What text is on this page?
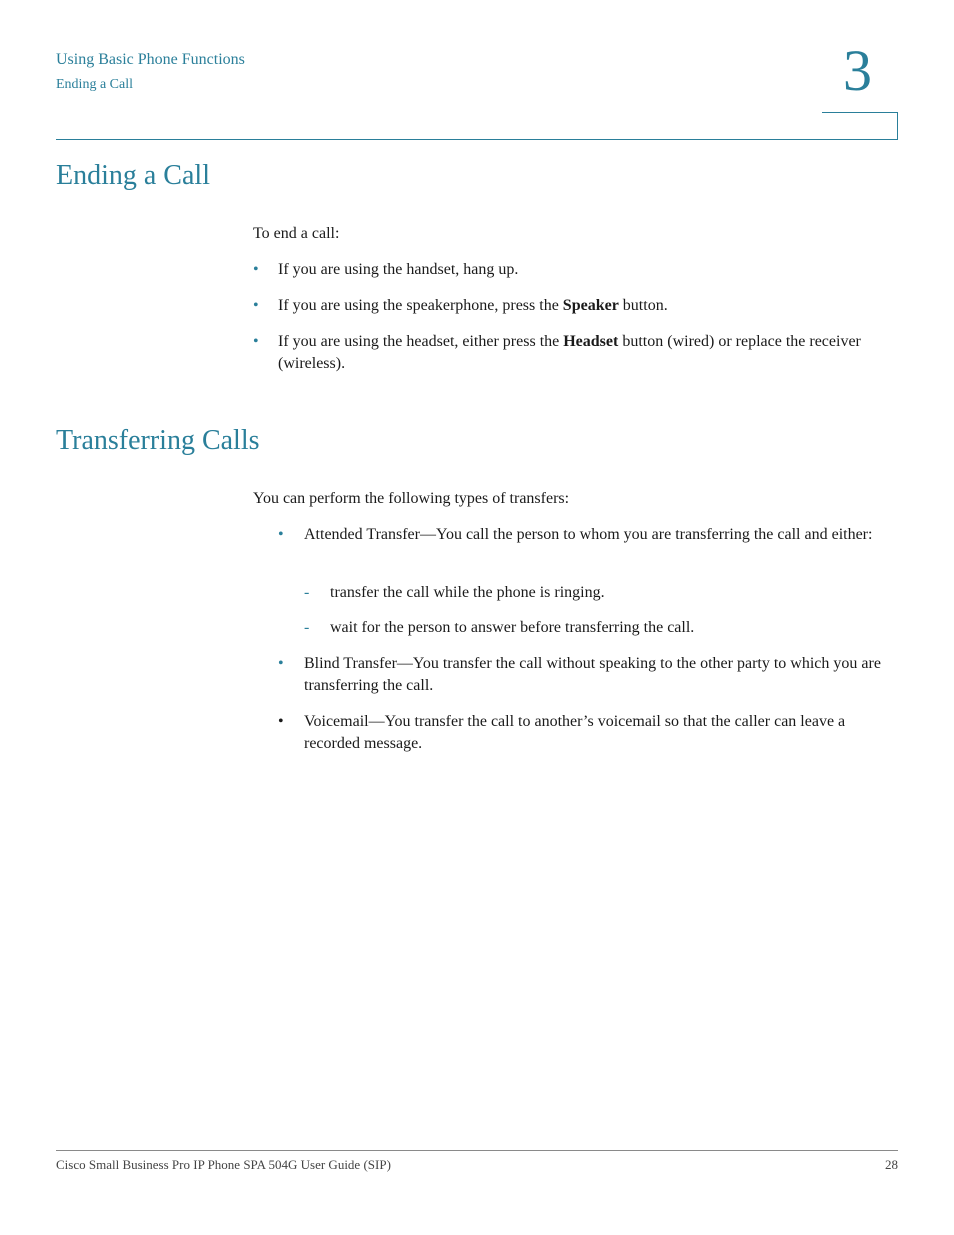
Using Basic Phone Functions
Ending a Call	3
Ending a Call

To end a call:

• If you are using the handset, hang up.
• If you are using the speakerphone, press the Speaker button.
• If you are using the headset, either press the Headset button (wired) or replace the receiver (wireless).
Transferring Calls

You can perform the following types of transfers:

• Attended Transfer—You call the person to whom you are transferring the call and either:
- transfer the call while the phone is ringing.
- wait for the person to answer before transferring the call.
• Blind Transfer—You transfer the call without speaking to the other party to which you are transferring the call.
• Voicemail—You transfer the call to another’s voicemail so that the caller can leave a recorded message.
Cisco Small Business Pro IP Phone SPA 504G User Guide (SIP)	28
